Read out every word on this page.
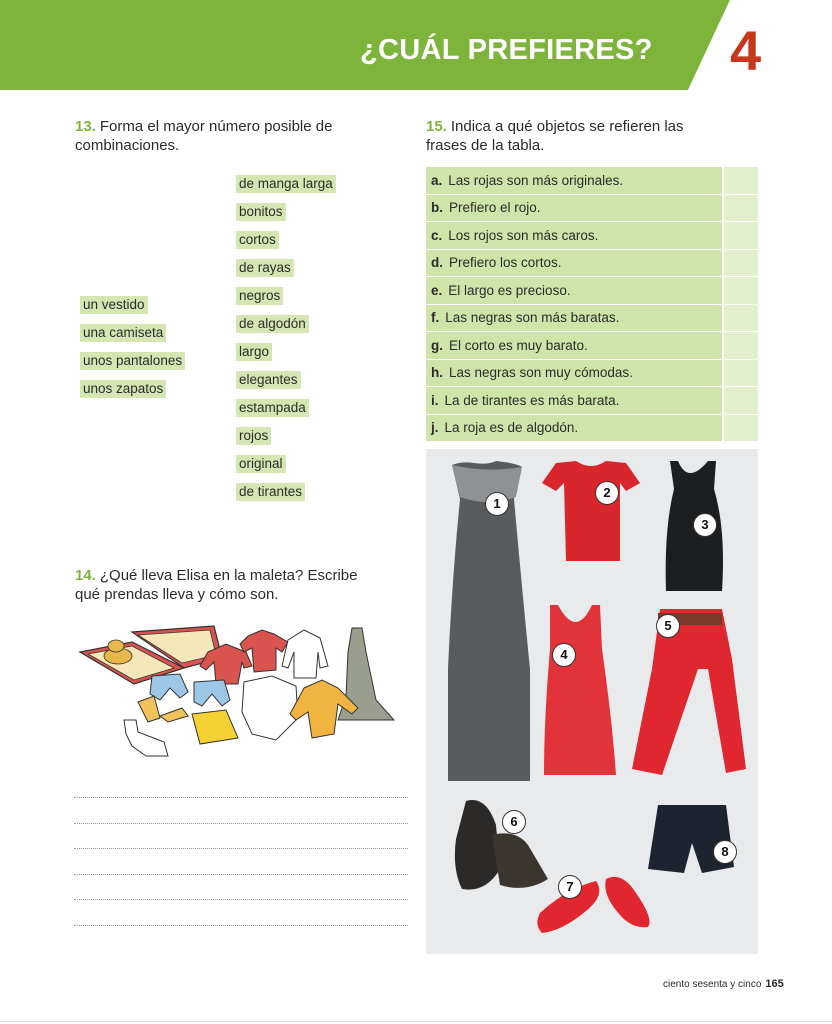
¿CUÁL PREFIERES? 4
13. Forma el mayor número posible de
combinaciones.
un vestido
una camiseta
unos pantalones
unos zapatos
de manga larga
bonitos
cortos
de rayas
negros
de algodón
largo
elegantes
estampada
rojos
original
de tirantes
14. ¿Qué lleva Elisa en la maleta? Escribe
qué prendas lleva y cómo son.
15. Indica a qué objetos se refieren las
frases de la tabla.
a. Las rojas son más originales.
b. Prefiero el rojo.
c. Los rojos son más caros.
d. Prefiero los cortos.
e. El largo es precioso.
f. Las negras son más baratas.
g. El corto es muy barato.
h. Las negras son muy cómodas.
i. La de tirantes es más barata.
j. La roja es de algodón.
1
2
3
4
5
6
7
8
ciento sesenta y cinco 165
